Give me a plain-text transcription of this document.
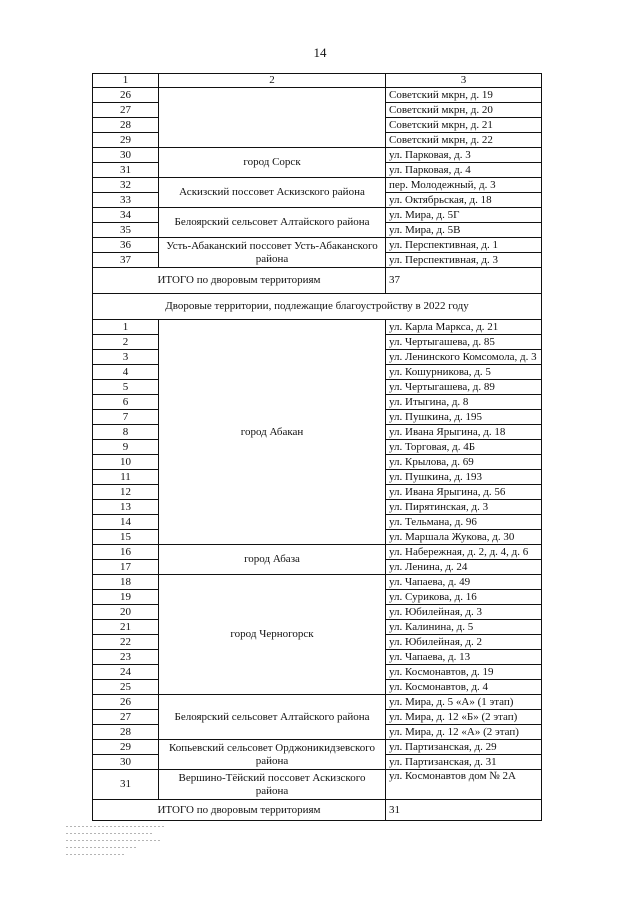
14
1	2	3
26		Советский мкрн, д. 19
27		Советский мкрн, д. 20
28		Советский мкрн, д. 21
29		Советский мкрн, д. 22
30	город Сорск	ул. Парковая, д. 3
31		ул. Парковая, д. 4
32	Аскизский поссовет Аскизского района	пер. Молодежный, д. 3
33		ул. Октябрьская, д. 18
34	Белоярский сельсовет Алтайского района	ул. Мира, д. 5Г
35		ул. Мира, д. 5В
36	Усть-Абаканский поссовет Усть-Абаканского района	ул. Перспективная, д. 1
37		ул. Перспективная, д. 3
ИТОГО по дворовым территориям		37
Дворовые территории, подлежащие благоустройству в 2022 году		
1	город Абакан	ул. Карла Маркса, д. 21
2		ул. Чертыгашева, д. 85
3		ул. Ленинского Комсомола, д. 3
4		ул. Кошурникова, д. 5
5		ул. Чертыгашева, д. 89
6		ул. Итыгина, д. 8
7		ул. Пушкина, д. 195
8		ул. Ивана Ярыгина, д. 18
9		ул. Торговая, д. 4Б
10		ул. Крылова, д. 69
11		ул. Пушкина, д. 193
12		ул. Ивана Ярыгина, д. 56
13		ул. Пирятинская, д. 3
14		ул. Тельмана, д. 96
15		ул. Маршала Жукова, д. 30
16	город Абаза	ул. Набережная, д. 2, д. 4, д. 6
17		ул. Ленина, д. 24
18	город Черногорск	ул. Чапаева, д. 49
19		ул. Сурикова, д. 16
20		ул. Юбилейная, д. 3
21		ул. Калинина, д. 5
22		ул. Юбилейная, д. 2
23		ул. Чапаева, д. 13
24		ул. Космонавтов, д. 19
25		ул. Космонавтов, д. 4
26	Белоярский сельсовет Алтайского района	ул. Мира, д. 5 «А» (1 этап)
27		ул. Мира, д. 12 «Б» (2 этап)
28		ул. Мира, д. 12 «А» (2 этап)
29	Копьевский сельсовет Орджоникидзевского района	ул. Партизанская, д. 29
30		ул. Партизанская, д. 31
31	Вершино-Тёйский поссовет Аскизского района	ул. Космонавтов дом № 2А
ИТОГО по дворовым территориям		31
